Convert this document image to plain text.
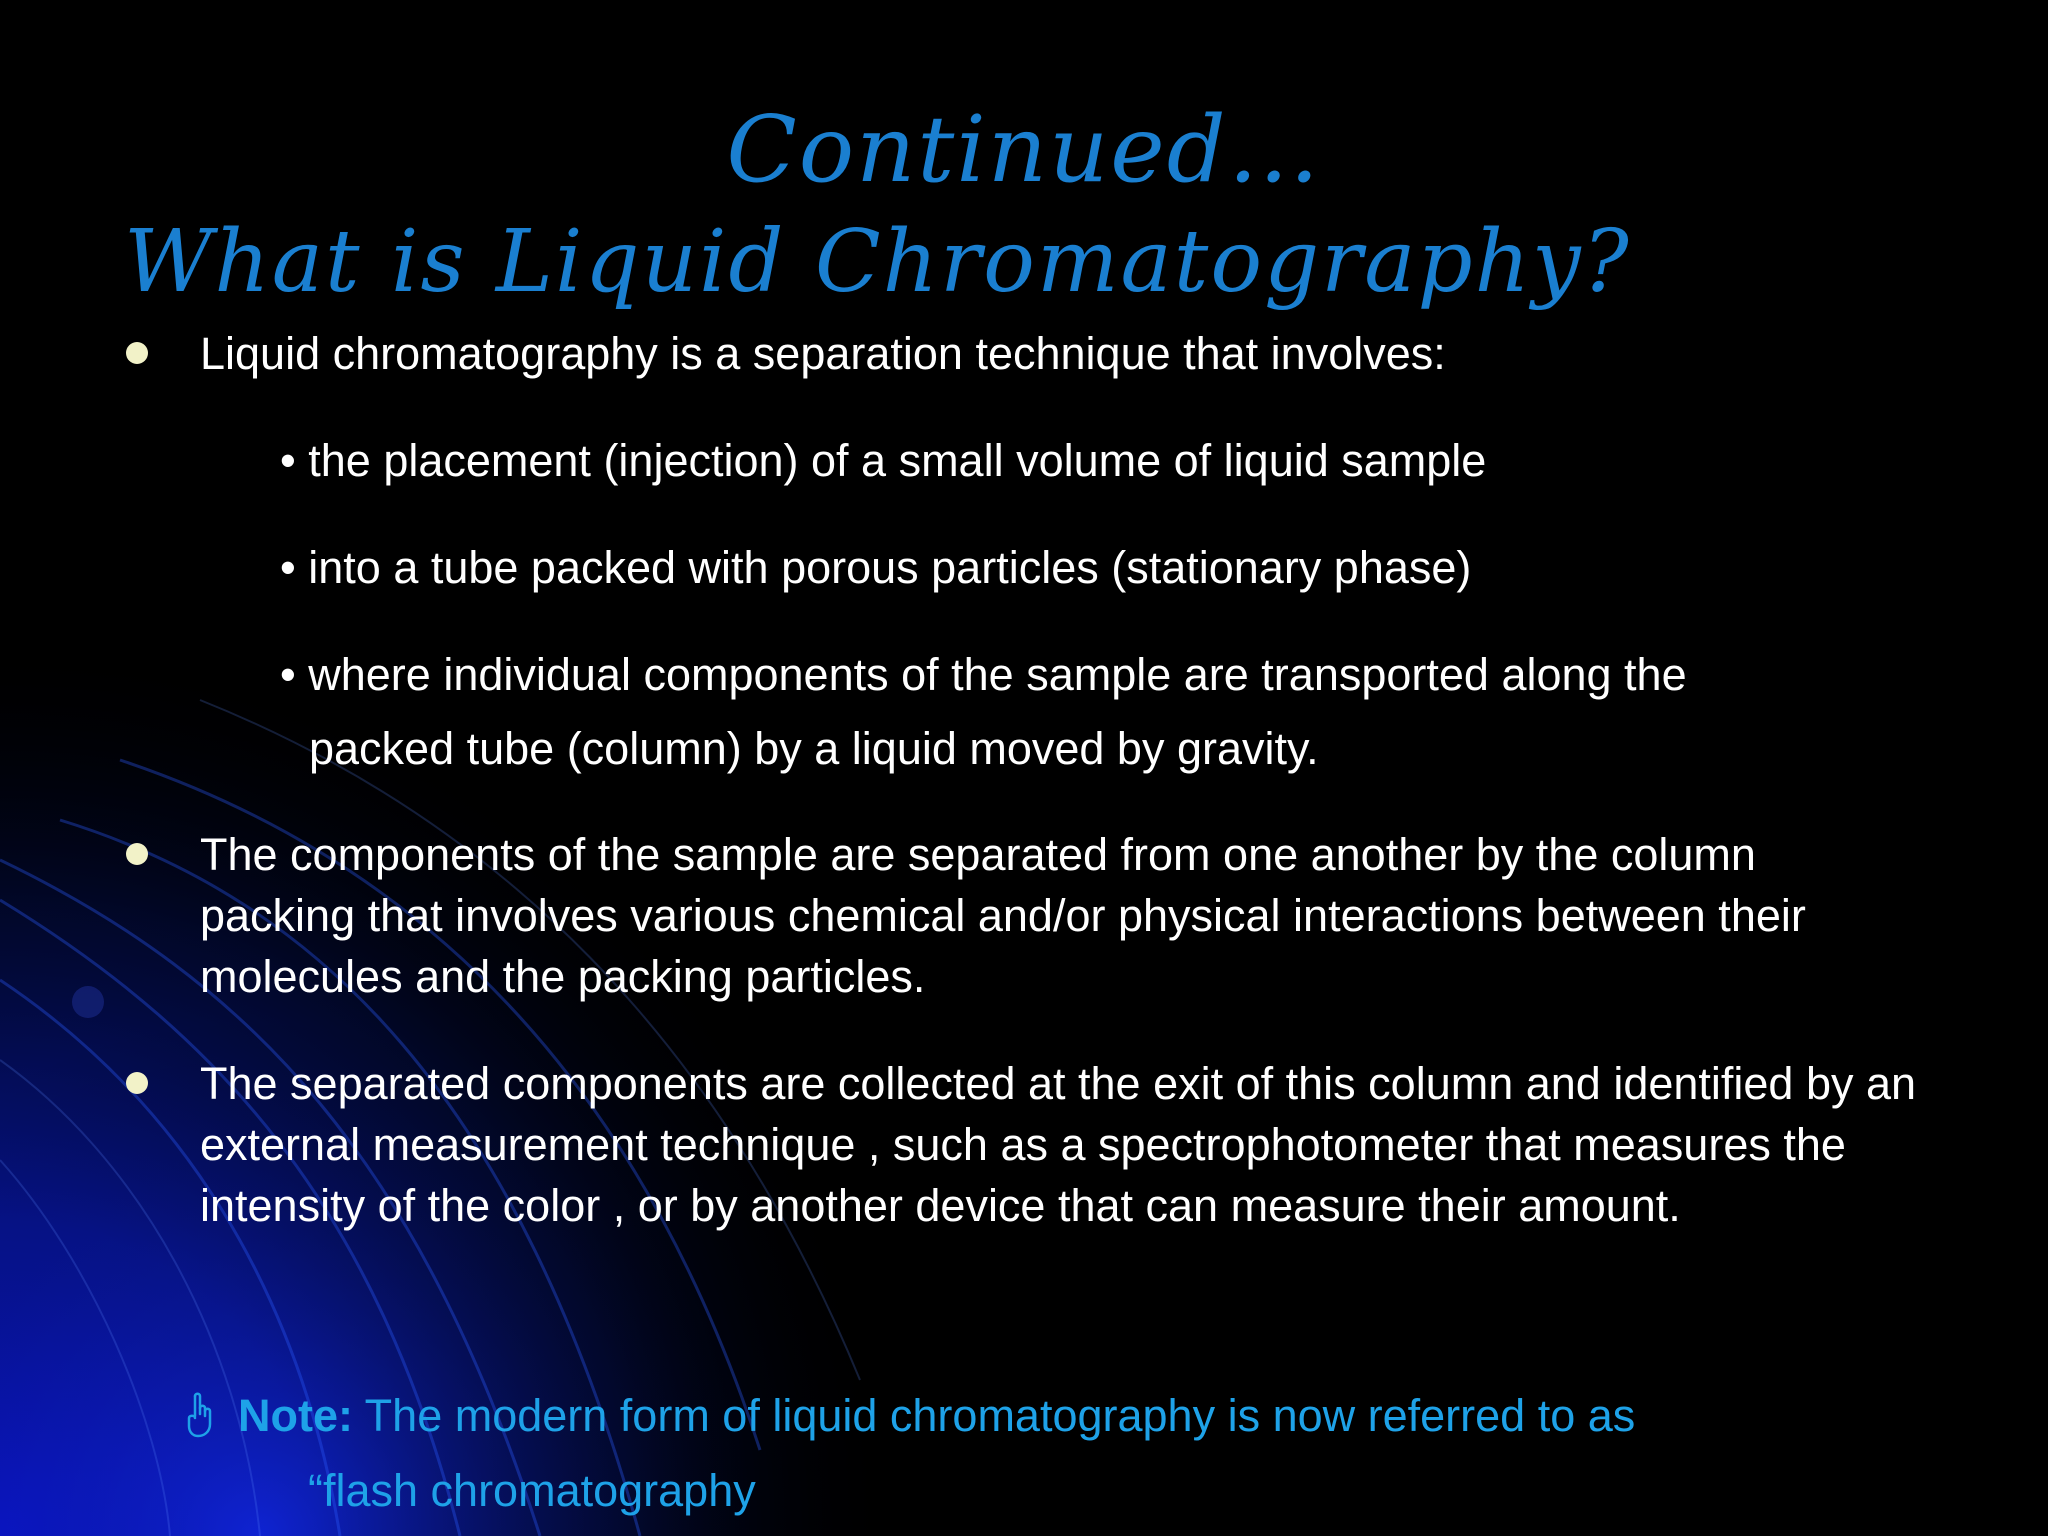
Continued…
What is Liquid Chromatography?

Liquid chromatography is a separation technique that involves:

• the placement (injection) of a small volume of liquid sample

• into a tube packed with porous particles (stationary phase)

• where individual components of the sample are transported along the

packed tube (column) by a liquid moved by gravity.

The components of the sample are separated from one another by the column packing that involves various chemical and/or physical interactions between their molecules and the packing particles.

The separated components are collected at the exit of this column and identified by an external measurement technique , such as a spectrophotometer that measures the intensity of the color , or by another device that can measure their amount.

Note: The modern form of liquid chromatography is now referred to as
“flash chromatography
